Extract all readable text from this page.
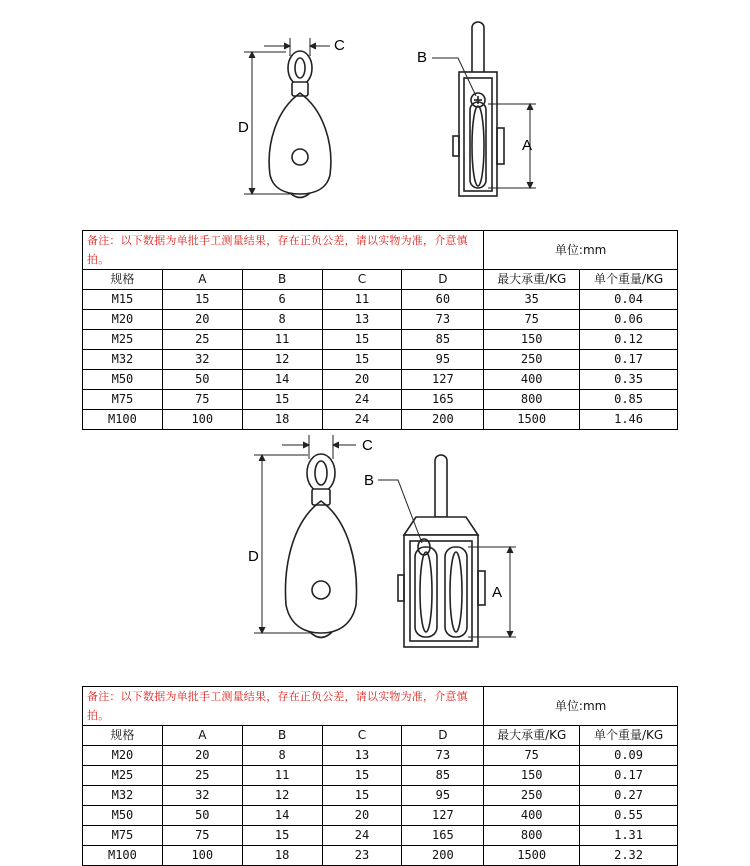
C
D
B
A
备注：以下数据为单批手工测量结果，存在正负公差，请以实物为准，介意慎拍。					单位:mm	
规格	A	B	C	D	最大承重/KG	单个重量/KG
M15	15	6	11	60	35	0.04
M20	20	8	13	73	75	0.06
M25	25	11	15	85	150	0.12
M32	32	12	15	95	250	0.17
M50	50	14	20	127	400	0.35
M75	75	15	24	165	800	0.85
M100	100	18	24	200	1500	1.46
C
D
B
A
备注：以下数据为单批手工测量结果，存在正负公差，请以实物为准，介意慎拍。					单位:mm	
规格	A	B	C	D	最大承重/KG	单个重量/KG
M20	20	8	13	73	75	0.09
M25	25	11	15	85	150	0.17
M32	32	12	15	95	250	0.27
M50	50	14	20	127	400	0.55
M75	75	15	24	165	800	1.31
M100	100	18	23	200	1500	2.32
